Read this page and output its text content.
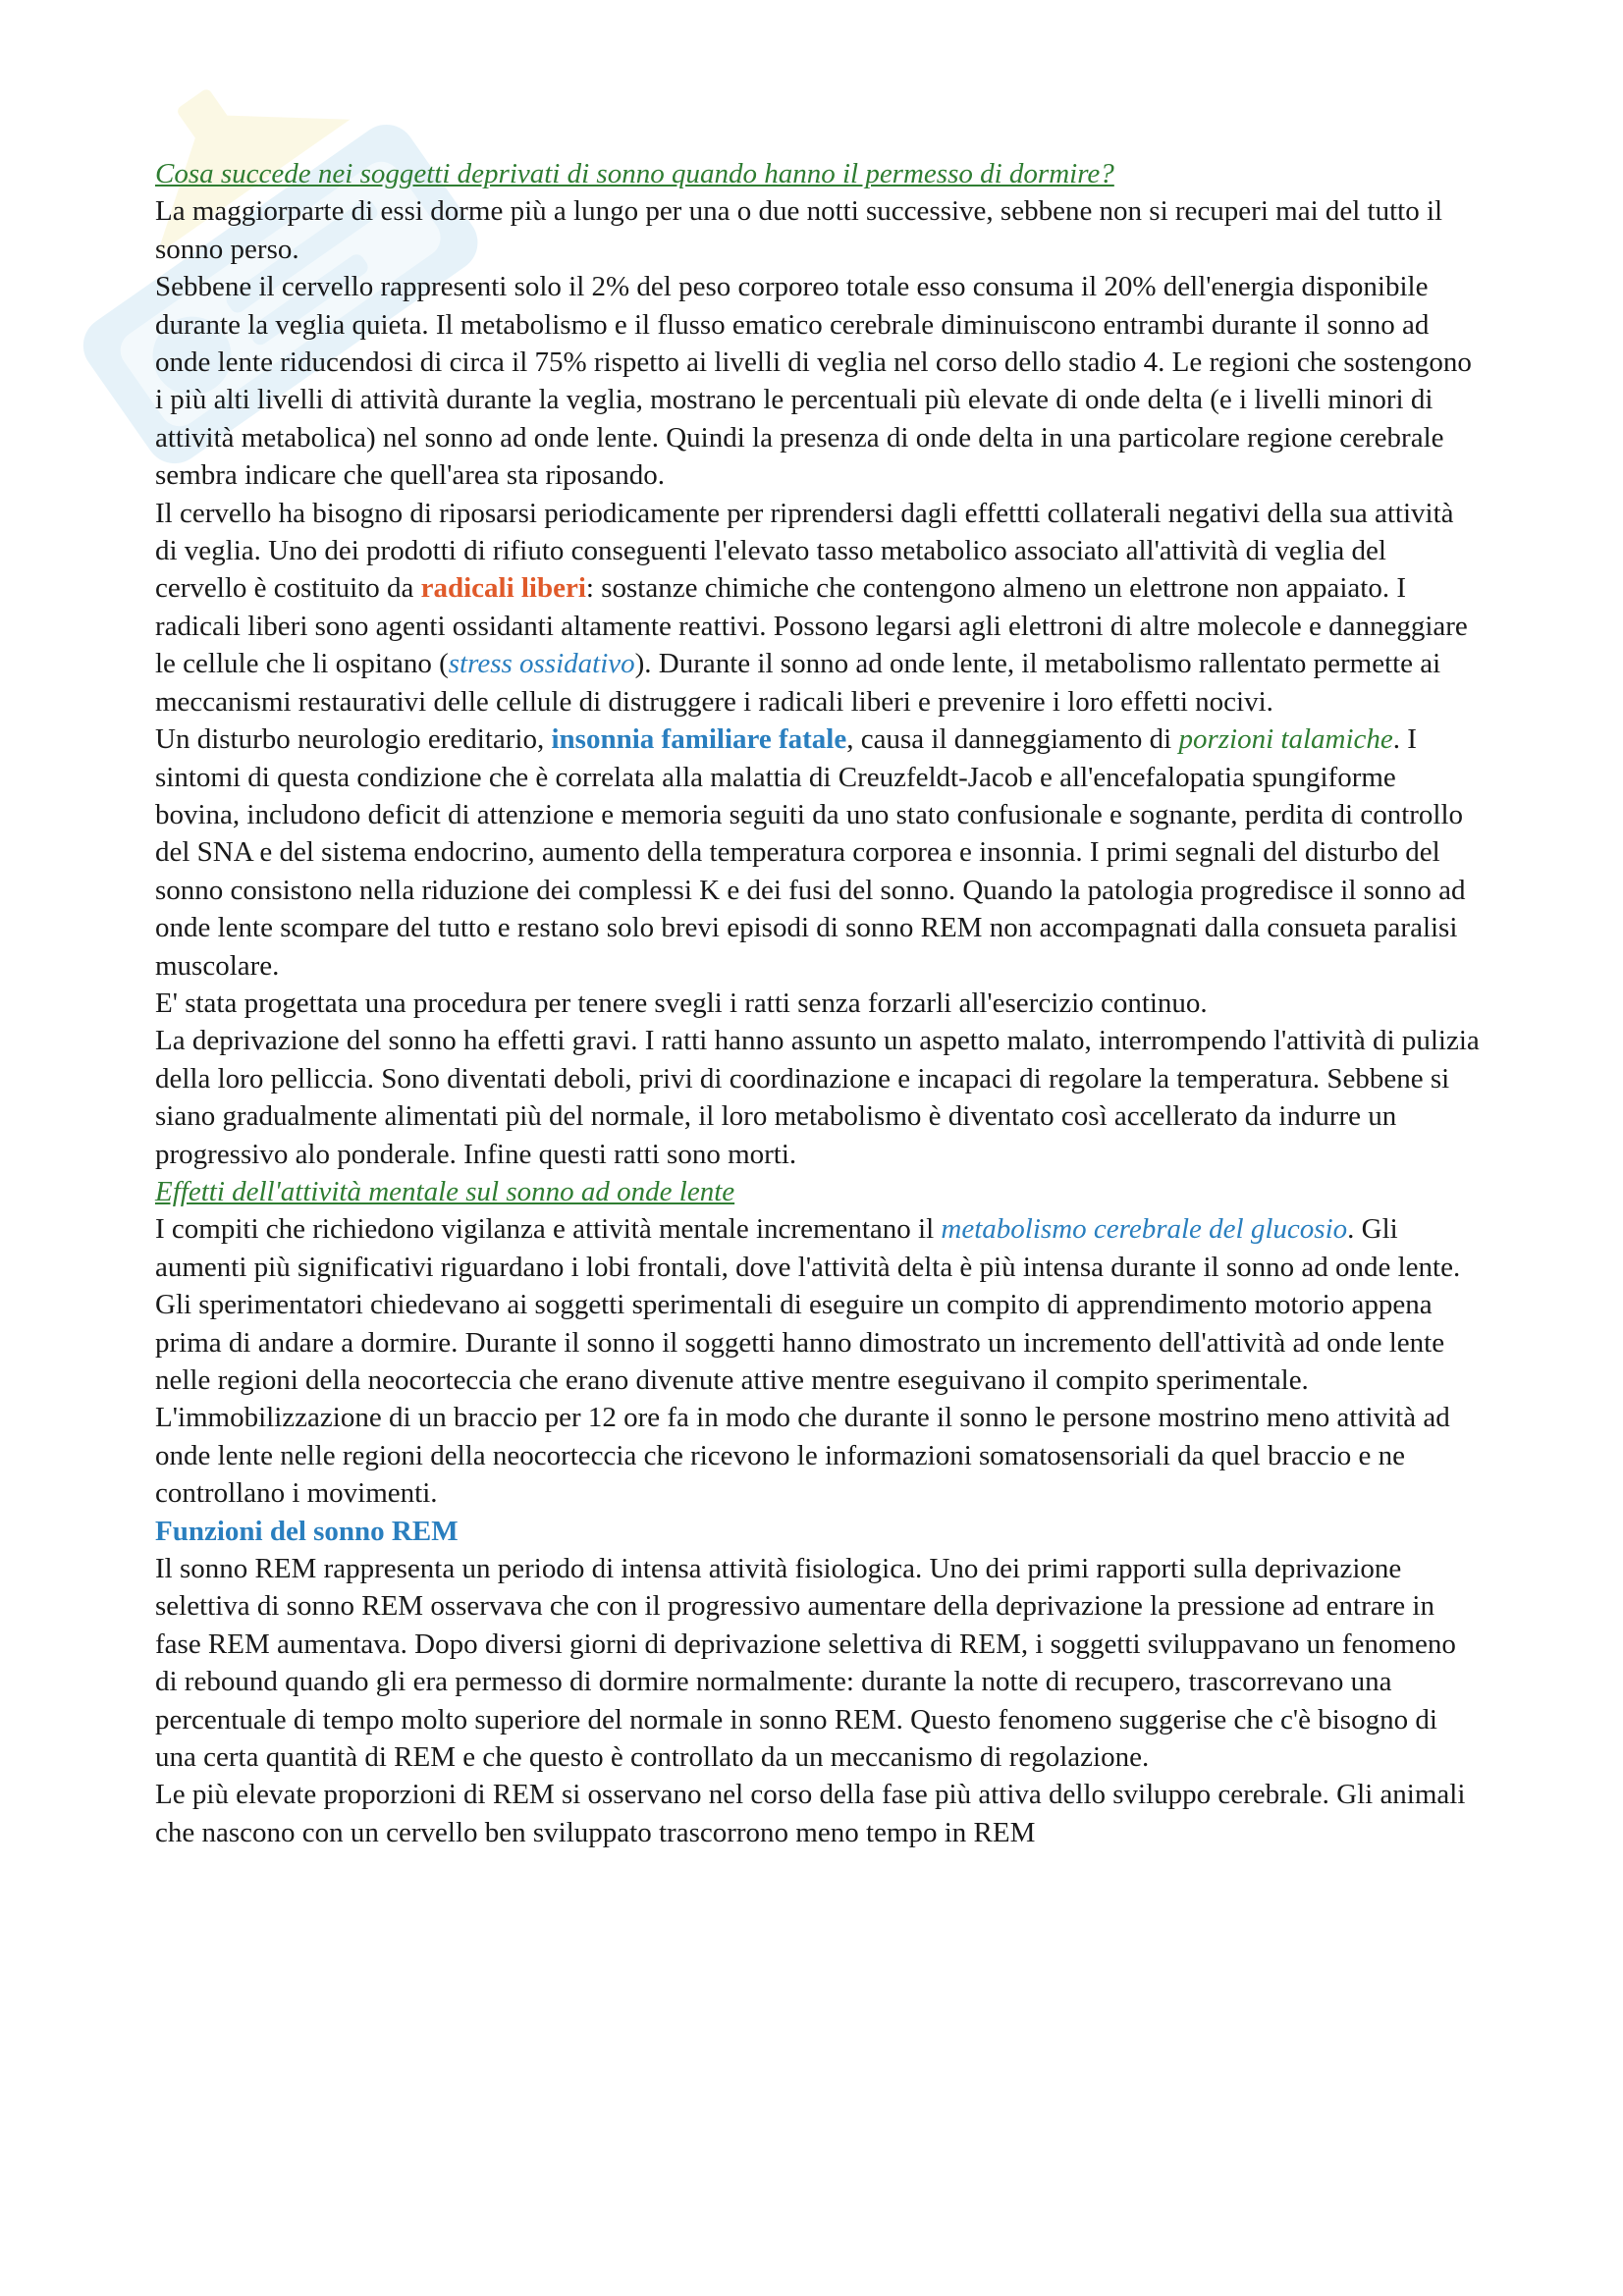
Cosa succede nei soggetti deprivati di sonno quando hanno il permesso di dormire?

La maggiorparte di essi dorme più a lungo per una o due notti successive, sebbene non si recuperi mai del tutto il sonno perso.

Sebbene il cervello rappresenti solo il 2% del peso corporeo totale esso consuma il 20% dell'energia disponibile durante la veglia quieta. Il metabolismo e il flusso ematico cerebrale diminuiscono entrambi durante il sonno ad onde lente riducendosi di circa il 75% rispetto ai livelli di veglia nel corso dello stadio 4. Le regioni che sostengono i più alti livelli di attività durante la veglia, mostrano le percentuali più elevate di onde delta (e i livelli minori di attività metabolica) nel sonno ad onde lente. Quindi la presenza di onde delta in una particolare regione cerebrale sembra indicare che quell'area sta riposando.

Il cervello ha bisogno di riposarsi periodicamente per riprendersi dagli effettti collaterali negativi della sua attività di veglia. Uno dei prodotti di rifiuto conseguenti l'elevato tasso metabolico associato all'attività di veglia del cervello è costituito da radicali liberi: sostanze chimiche che contengono almeno un elettrone non appaiato. I radicali liberi sono agenti ossidanti altamente reattivi. Possono legarsi agli elettroni di altre molecole e danneggiare le cellule che li ospitano (stress ossidativo). Durante il sonno ad onde lente, il metabolismo rallentato permette ai meccanismi restaurativi delle cellule di distruggere i radicali liberi e prevenire i loro effetti nocivi.

Un disturbo neurologio ereditario, insonnia familiare fatale, causa il danneggiamento di porzioni talamiche. I sintomi di questa condizione che è correlata alla malattia di Creuzfeldt-Jacob e all'encefalopatia spungiforme bovina, includono deficit di attenzione e memoria seguiti da uno stato confusionale e sognante, perdita di controllo del SNA e del sistema endocrino, aumento della temperatura corporea e insonnia. I primi segnali del disturbo del sonno consistono nella riduzione dei complessi K e dei fusi del sonno. Quando la patologia progredisce il sonno ad onde lente scompare del tutto e restano solo brevi episodi di sonno REM non accompagnati dalla consueta paralisi muscolare.

E' stata progettata una procedura per tenere svegli i ratti senza forzarli all'esercizio continuo.

La deprivazione del sonno ha effetti gravi. I ratti hanno assunto un aspetto malato, interrompendo l'attività di pulizia della loro pelliccia. Sono diventati deboli, privi di coordinazione e incapaci di regolare la temperatura. Sebbene si siano gradualmente alimentati più del normale, il loro metabolismo è diventato così accellerato da indurre un progressivo alo ponderale. Infine questi ratti sono morti.

Effetti dell'attività mentale sul sonno ad onde lente

I compiti che richiedono vigilanza e attività mentale incrementano il metabolismo cerebrale del glucosio. Gli aumenti più significativi riguardano i lobi frontali, dove l'attività delta è più intensa durante il sonno ad onde lente.

Gli sperimentatori chiedevano ai soggetti sperimentali di eseguire un compito di apprendimento motorio appena prima di andare a dormire. Durante il sonno il soggetti hanno dimostrato un incremento dell'attività ad onde lente nelle regioni della neocorteccia che erano divenute attive mentre eseguivano il compito sperimentale.

L'immobilizzazione di un braccio per 12 ore fa in modo che durante il sonno le persone mostrino meno attività ad onde lente nelle regioni della neocorteccia che ricevono le informazioni somatosensoriali da quel braccio e ne controllano i movimenti.

Funzioni del sonno REM

Il sonno REM rappresenta un periodo di intensa attività fisiologica. Uno dei primi rapporti sulla deprivazione selettiva di sonno REM osservava che con il progressivo aumentare della deprivazione la pressione ad entrare in fase REM aumentava. Dopo diversi giorni di deprivazione selettiva di REM, i soggetti sviluppavano un fenomeno di rebound quando gli era permesso di dormire normalmente: durante la notte di recupero, trascorrevano una percentuale di tempo molto superiore del normale in sonno REM. Questo fenomeno suggerise che c'è bisogno di una certa quantità di REM e che questo è controllato da un meccanismo di regolazione.

Le più elevate proporzioni di REM si osservano nel corso della fase più attiva dello sviluppo cerebrale. Gli animali che nascono con un cervello ben sviluppato trascorrono meno tempo in REM
